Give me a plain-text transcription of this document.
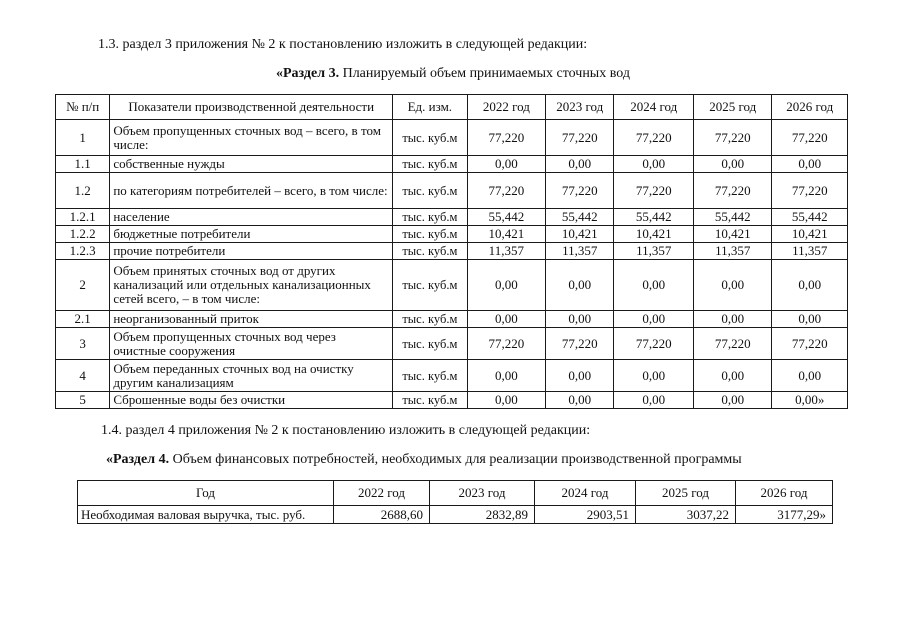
1.3. раздел 3 приложения № 2 к постановлению изложить в следующей редакции:
«Раздел 3. Планируемый объем принимаемых сточных вод
№ п/п	Показатели производственной деятельности	Ед. изм.	2022 год	2023 год	2024 год	2025 год	2026 год
1	Объем пропущенных сточных вод – всего, в том числе:	тыс. куб.м	77,220	77,220	77,220	77,220	77,220
1.1	собственные нужды	тыс. куб.м	0,00	0,00	0,00	0,00	0,00
1.2	по категориям потребителей – всего, в том числе:	тыс. куб.м	77,220	77,220	77,220	77,220	77,220
1.2.1	население	тыс. куб.м	55,442	55,442	55,442	55,442	55,442
1.2.2	бюджетные потребители	тыс. куб.м	10,421	10,421	10,421	10,421	10,421
1.2.3	прочие потребители	тыс. куб.м	11,357	11,357	11,357	11,357	11,357
2	Объем принятых сточных вод от других канализаций или отдельных канализационных сетей всего, – в том числе:	тыс. куб.м	0,00	0,00	0,00	0,00	0,00
2.1	неорганизованный приток	тыс. куб.м	0,00	0,00	0,00	0,00	0,00
3	Объем пропущенных сточных вод через очистные сооружения	тыс. куб.м	77,220	77,220	77,220	77,220	77,220
4	Объем переданных сточных вод на очистку другим канализациям	тыс. куб.м	0,00	0,00	0,00	0,00	0,00
5	Сброшенные воды без очистки	тыс. куб.м	0,00	0,00	0,00	0,00	0,00»
1.4. раздел 4 приложения № 2 к постановлению изложить в следующей редакции:
«Раздел 4. Объем финансовых потребностей, необходимых для реализации производственной программы
Год	2022 год	2023 год	2024 год	2025 год	2026 год
Необходимая валовая выручка, тыс. руб.	2688,60	2832,89	2903,51	3037,22	3177,29»
